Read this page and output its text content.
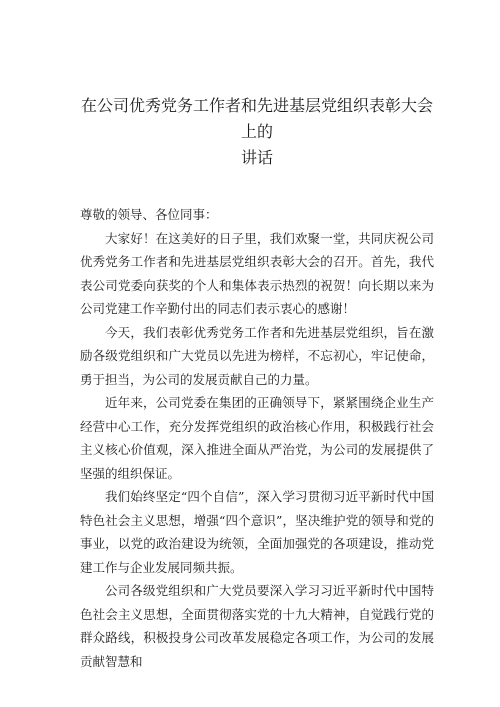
在公司优秀党务工作者和先进基层党组织表彰大会上的
讲话

尊敬的领导、各位同事：

大家好！在这美好的日子里，我们欢聚一堂，共同庆祝公司优秀党务工作者和先进基层党组织表彰大会的召开。首先，我代表公司党委向获奖的个人和集体表示热烈的祝贺！向长期以来为公司党建工作辛勤付出的同志们表示衷心的感谢！

今天，我们表彰优秀党务工作者和先进基层党组织，旨在激励各级党组织和广大党员以先进为榜样，不忘初心，牢记使命，勇于担当，为公司的发展贡献自己的力量。

近年来，公司党委在集团的正确领导下，紧紧围绕企业生产经营中心工作，充分发挥党组织的政治核心作用，积极践行社会主义核心价值观，深入推进全面从严治党，为公司的发展提供了坚强的组织保证。

我们始终坚定“四个自信”，深入学习贯彻习近平新时代中国特色社会主义思想，增强“四个意识”，坚决维护党的领导和党的事业，以党的政治建设为统领，全面加强党的各项建设，推动党建工作与企业发展同频共振。

公司各级党组织和广大党员要深入学习习近平新时代中国特色社会主义思想，全面贯彻落实党的十九大精神，自觉践行党的群众路线，积极投身公司改革发展稳定各项工作，为公司的发展贡献智慧和
